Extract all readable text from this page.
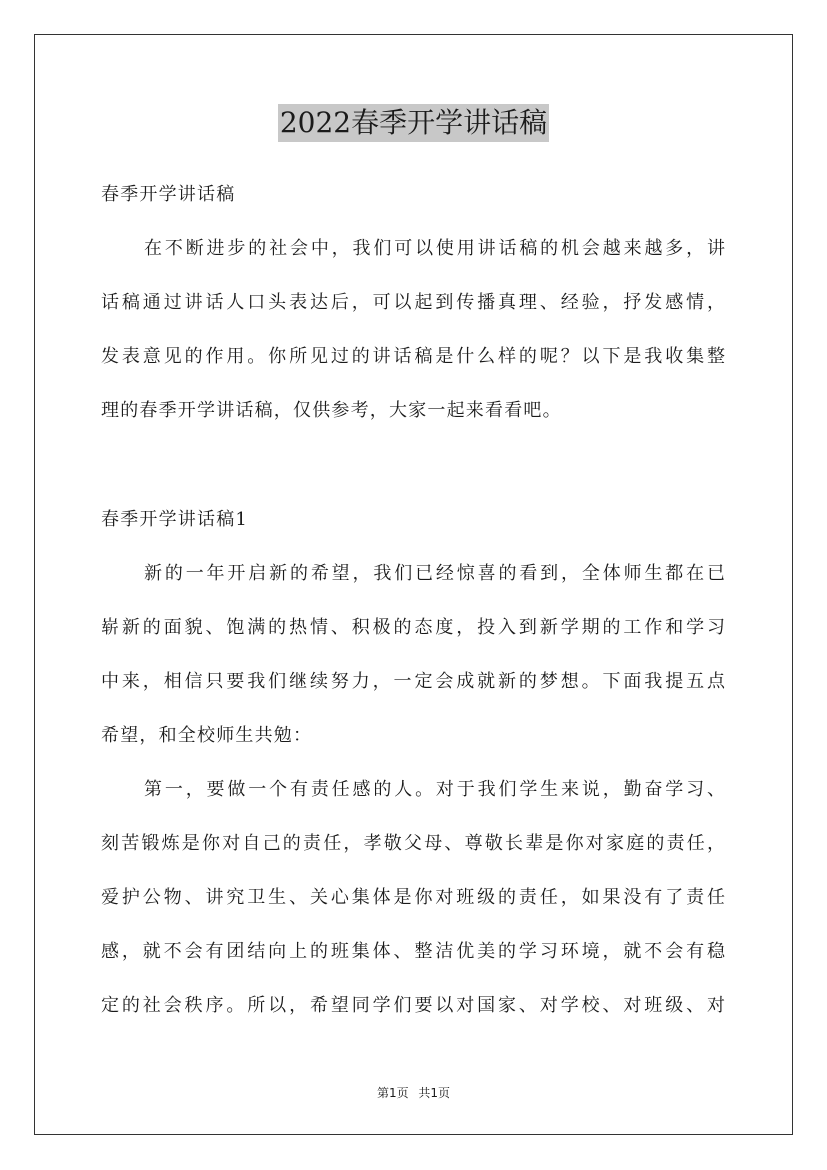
2022春季开学讲话稿
春季开学讲话稿
在不断进步的社会中，我们可以使用讲话稿的机会越来越多，讲
话稿通过讲话人口头表达后，可以起到传播真理、经验，抒发感情，
发表意见的作用。你所见过的讲话稿是什么样的呢？以下是我收集整
理的春季开学讲话稿，仅供参考，大家一起来看看吧。
春季开学讲话稿1
新的一年开启新的希望，我们已经惊喜的看到，全体师生都在已
崭新的面貌、饱满的热情、积极的态度，投入到新学期的工作和学习
中来，相信只要我们继续努力，一定会成就新的梦想。下面我提五点
希望，和全校师生共勉：
第一，要做一个有责任感的人。对于我们学生来说，勤奋学习、
刻苦锻炼是你对自己的责任，孝敬父母、尊敬长辈是你对家庭的责任，
爱护公物、讲究卫生、关心集体是你对班级的责任，如果没有了责任
感，就不会有团结向上的班集体、整洁优美的学习环境，就不会有稳
定的社会秩序。所以，希望同学们要以对国家、对学校、对班级、对
第1页 共1页
